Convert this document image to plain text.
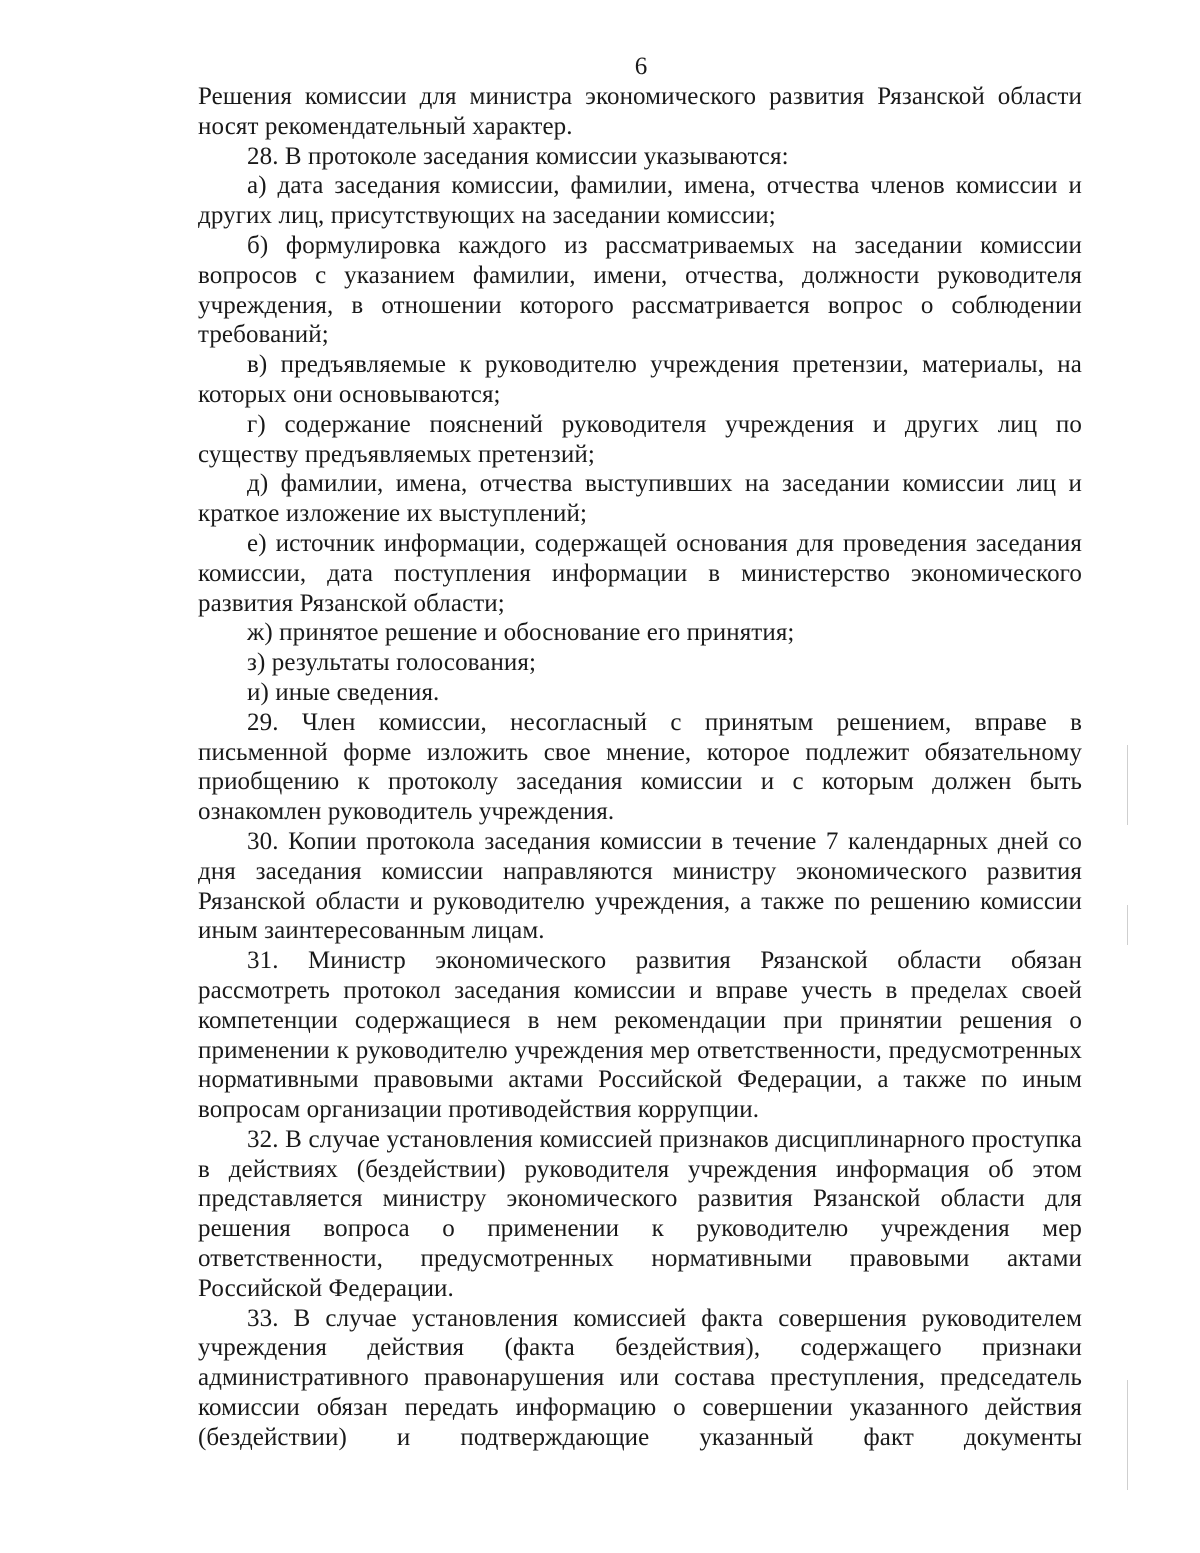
6

Решения комиссии для министра экономического развития Рязанской области носят рекомендательный характер.

28. В протоколе заседания комиссии указываются:

а) дата заседания комиссии, фамилии, имена, отчества членов комиссии и других лиц, присутствующих на заседании комиссии;

б) формулировка каждого из рассматриваемых на заседании комиссии вопросов с указанием фамилии, имени, отчества, должности руководителя учреждения, в отношении которого рассматривается вопрос о соблюдении требований;

в) предъявляемые к руководителю учреждения претензии, материалы, на которых они основываются;

г) содержание пояснений руководителя учреждения и других лиц по существу предъявляемых претензий;

д) фамилии, имена, отчества выступивших на заседании комиссии лиц и краткое изложение их выступлений;

е) источник информации, содержащей основания для проведения заседания комиссии, дата поступления информации в министерство экономического развития Рязанской области;

ж) принятое решение и обоснование его принятия;

з) результаты голосования;

и) иные сведения.

29. Член комиссии, несогласный с принятым решением, вправе в письменной форме изложить свое мнение, которое подлежит обязательному приобщению к протоколу заседания комиссии и с которым должен быть ознакомлен руководитель учреждения.

30. Копии протокола заседания комиссии в течение 7 календарных дней со дня заседания комиссии направляются министру экономического развития Рязанской области и руководителю учреждения, а также по решению комиссии иным заинтересованным лицам.

31. Министр экономического развития Рязанской области обязан рассмотреть протокол заседания комиссии и вправе учесть в пределах своей компетенции содержащиеся в нем рекомендации при принятии решения о применении к руководителю учреждения мер ответственности, предусмотренных нормативными правовыми актами Российской Федерации, а также по иным вопросам организации противодействия коррупции.

32. В случае установления комиссией признаков дисциплинарного проступка в действиях (бездействии) руководителя учреждения информация об этом представляется министру экономического развития Рязанской области для решения вопроса о применении к руководителю учреждения мер ответственности, предусмотренных нормативными правовыми актами Российской Федерации.

33. В случае установления комиссией факта совершения руководителем учреждения действия (факта бездействия), содержащего признаки административного правонарушения или состава преступления, председатель комиссии обязан передать информацию о совершении указанного действия (бездействии) и подтверждающие указанный факт документы
